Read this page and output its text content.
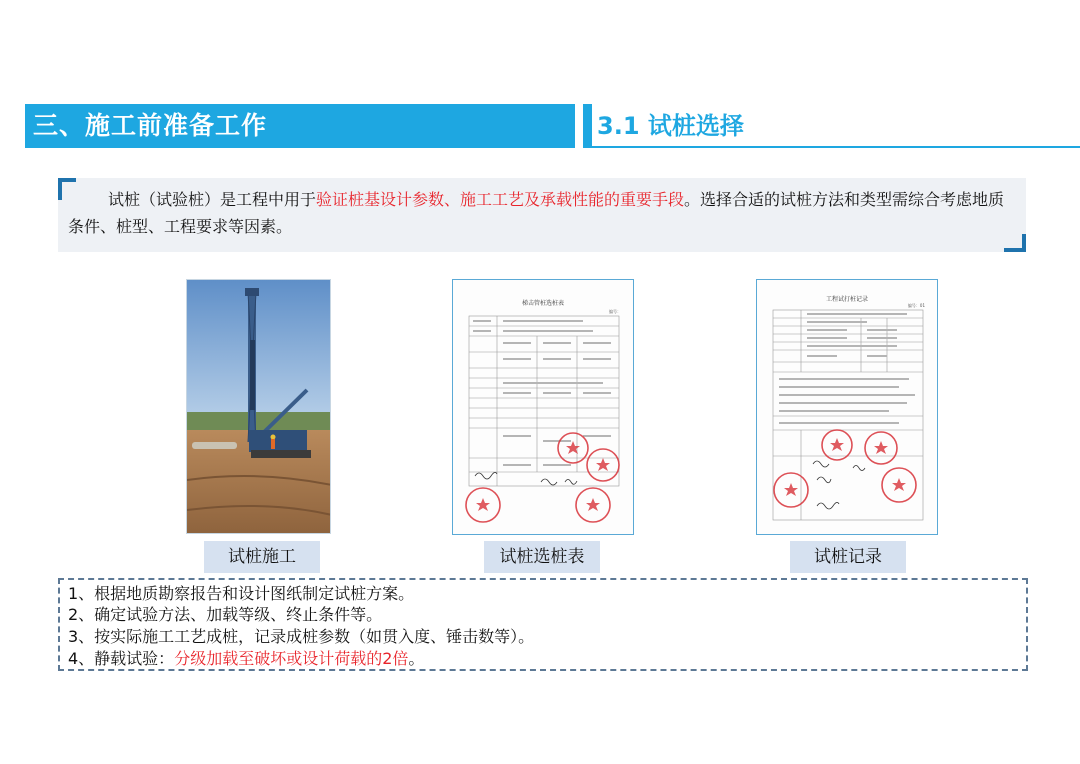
三、施工前准备工作	3.1 试桩选择
试桩（试验桩）是工程中用于验证桩基设计参数、施工工艺及承载性能的重要手段。选择合适的试桩方法和类型需综合考虑地质条件、桩型、工程要求等因素。
梯击管桩选桩表
编号：
工程试打桩记录
编号：01
试桩施工	试桩选桩表	试桩记录
1、根据地质勘察报告和设计图纸制定试桩方案。
2、确定试验方法、加载等级、终止条件等。
3、按实际施工工艺成桩，记录成桩参数（如贯入度、锤击数等）。
4、静载试验：分级加载至破坏或设计荷载的2倍。
